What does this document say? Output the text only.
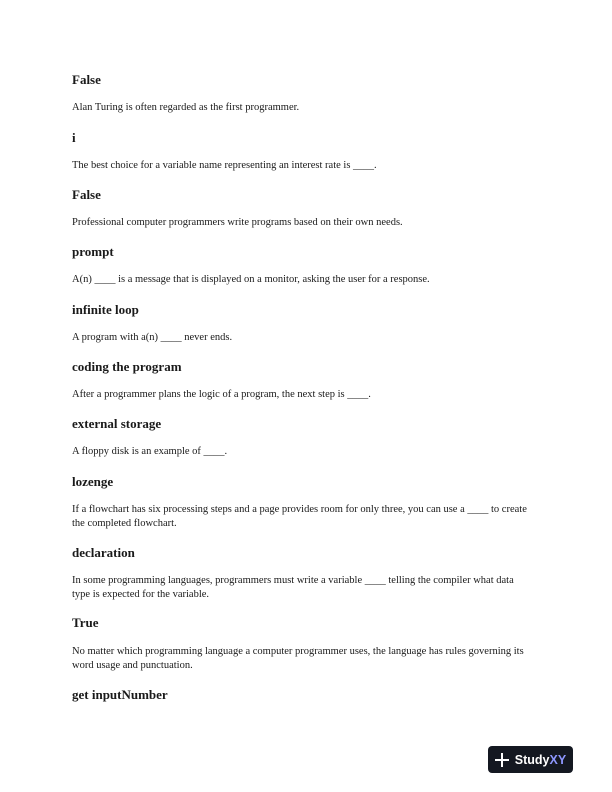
False

Alan Turing is often regarded as the first programmer.

i

The best choice for a variable name representing an interest rate is ____.

False

Professional computer programmers write programs based on their own needs.

prompt

A(n) ____ is a message that is displayed on a monitor, asking the user for a response.

infinite loop

A program with a(n) ____ never ends.

coding the program

After a programmer plans the logic of a program, the next step is ____.

external storage

A floppy disk is an example of ____.

lozenge

If a flowchart has six processing steps and a page provides room for only three, you can use a ____ to create the completed flowchart.

declaration

In some programming languages, programmers must write a variable ____ telling the compiler what data type is expected for the variable.

True

No matter which programming language a computer programmer uses, the language has rules governing its word usage and punctuation.

get inputNumber

StudyXY
